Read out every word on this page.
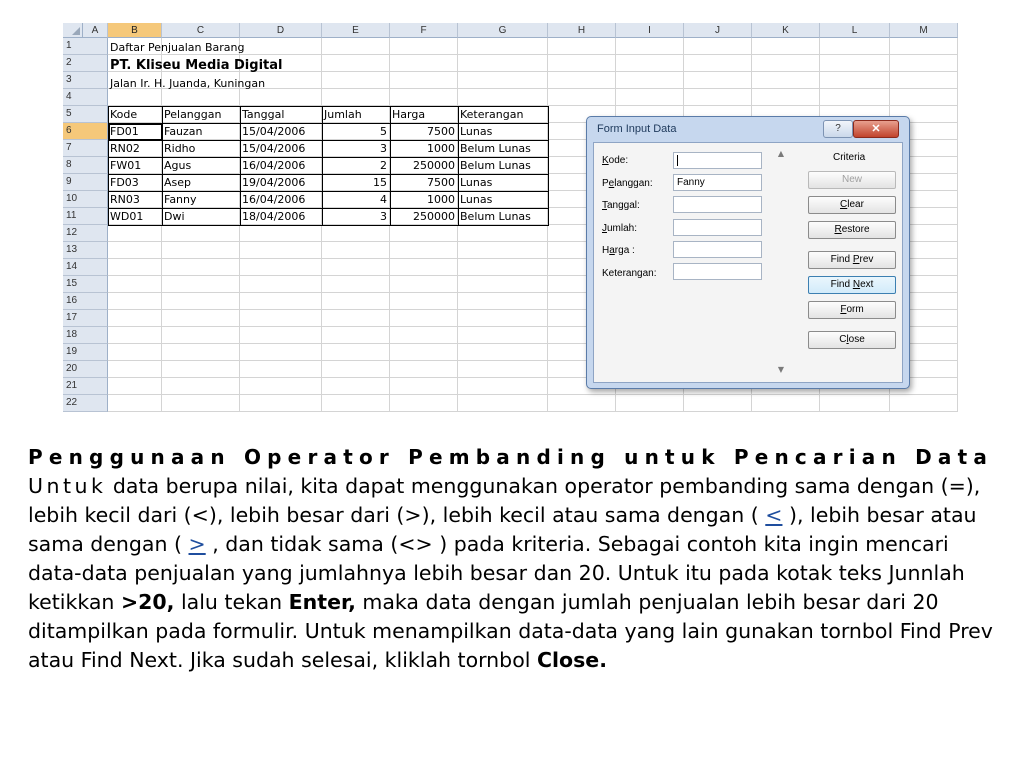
A	B	C	D	E	F	G	H	I	J	K	L	M
1
2
3
4
5
6
7
8
9
10
11
12
13
14
15
16
17
18
19
20
21
22
Daftar Penjualan Barang
PT. Kliseu Media Digital
Jalan Ir. H. Juanda, Kuningan
Kode	Pelanggan	Tanggal	Jumlah	Harga	Keterangan
FD01	Fauzan	15/04/2006	5	7500 Lunas
RN02	Ridho	15/04/2006	3	1000 Belum Lunas
FW01	Agus	16/04/2006	2	250000 Belum Lunas
FD03	Asep	19/04/2006	15	7500 Lunas
RN03	Fanny	16/04/2006	4	1000 Lunas
WD01	Dwi	18/04/2006	3	250000 Belum Lunas
Form Input Data	?	✕
Kode:
Pelanggan:	Fanny
Tanggal:
Jumlah:
Harga :
Keterangan:
▲
▼
Criteria
New
Clear
Restore
Find Prev
Find Next
Form
Close
Penggunaan Operator Pembanding untuk Pencarian Data
Untuk data berupa nilai, kita dapat menggunakan operator pembanding sama dengan (=), lebih kecil dari (<), lebih besar dari (>), lebih kecil atau sama dengan ( < ), lebih besar atau sama dengan ( > , dan tidak sama (<> ) pada kriteria. Sebagai contoh kita ingin mencari data-data penjualan yang jumlahnya lebih besar dan 20. Untuk itu pada kotak teks Junnlah ketikkan >20, lalu tekan Enter, maka data dengan jumlah penjualan lebih besar dari 20 ditampilkan pada formulir. Untuk menampilkan data-data yang lain gunakan tornbol Find Prev atau Find Next. Jika sudah selesai, kliklah tornbol Close.
